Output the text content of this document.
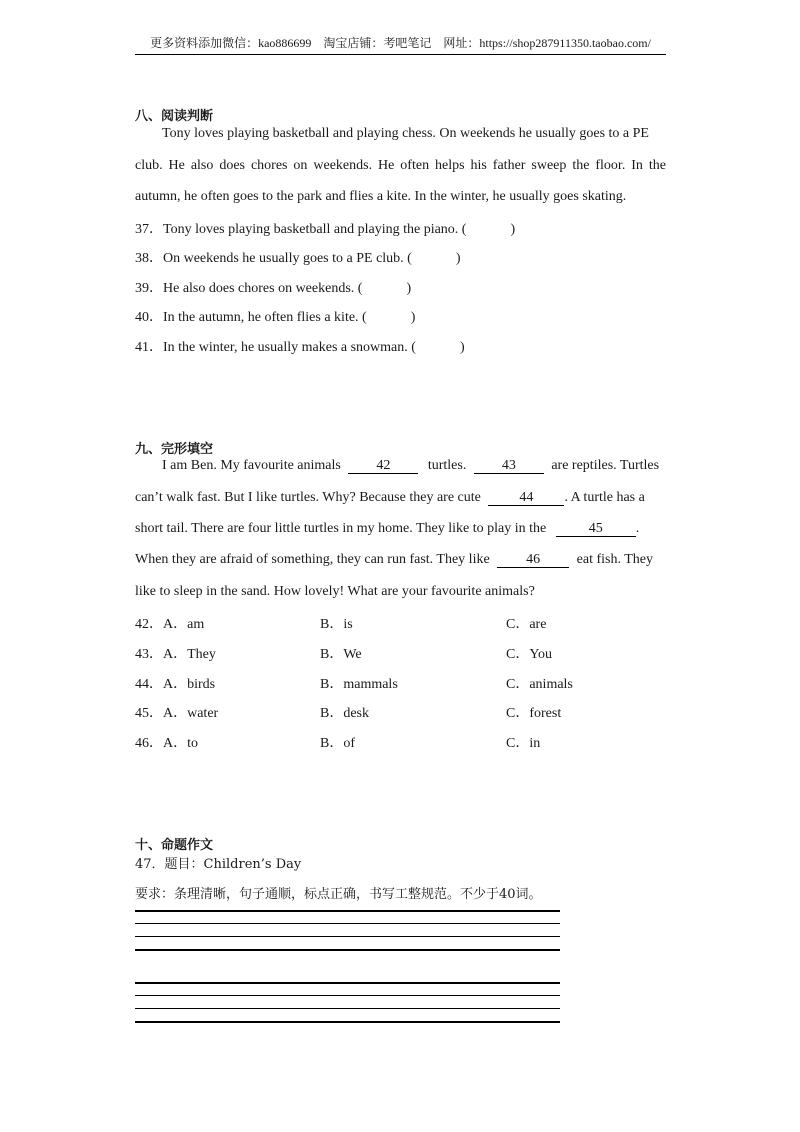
更多资料添加微信：kao886699　淘宝店铺：考吧笔记　网址：https://shop287911350.taobao.com/
八、阅读判断
Tony loves playing basketball and playing chess. On weekends he usually goes to a PE
club. He also does chores on weekends. He often helps his father sweep the floor. In the
autumn, he often goes to the park and flies a kite. In the winter, he usually goes skating.
37．Tony loves playing basketball and playing the piano. (	)
38．On weekends he usually goes to a PE club. (	)
39．He also does chores on weekends. (	)
40．In the autumn, he often flies a kite. (	)
41．In the winter, he usually makes a snowman. (	)
九、完形填空
I am Ben. My favourite animals	42	turtles.	43	are reptiles. Turtles
can’t walk fast. But I like turtles. Why? Because they are cute	44 . A turtle has a
short tail. There are four little turtles in my home. They like to play in the	45 .
When they are afraid of something, they can run fast. They like	46	eat fish. They
like to sleep in the sand. How lovely! What are your favourite animals?
42． A．am	B．is	C．are
43． A．They	B．We	C．You
44． A．birds	B．mammals	C．animals
45． A．water	B．desk	C．forest
46． A．to	B．of	C．in
十、命题作文
47．题目：Children’s Day
要求：条理清晰，句子通顺，标点正确，书写工整规范。不少于40词。
